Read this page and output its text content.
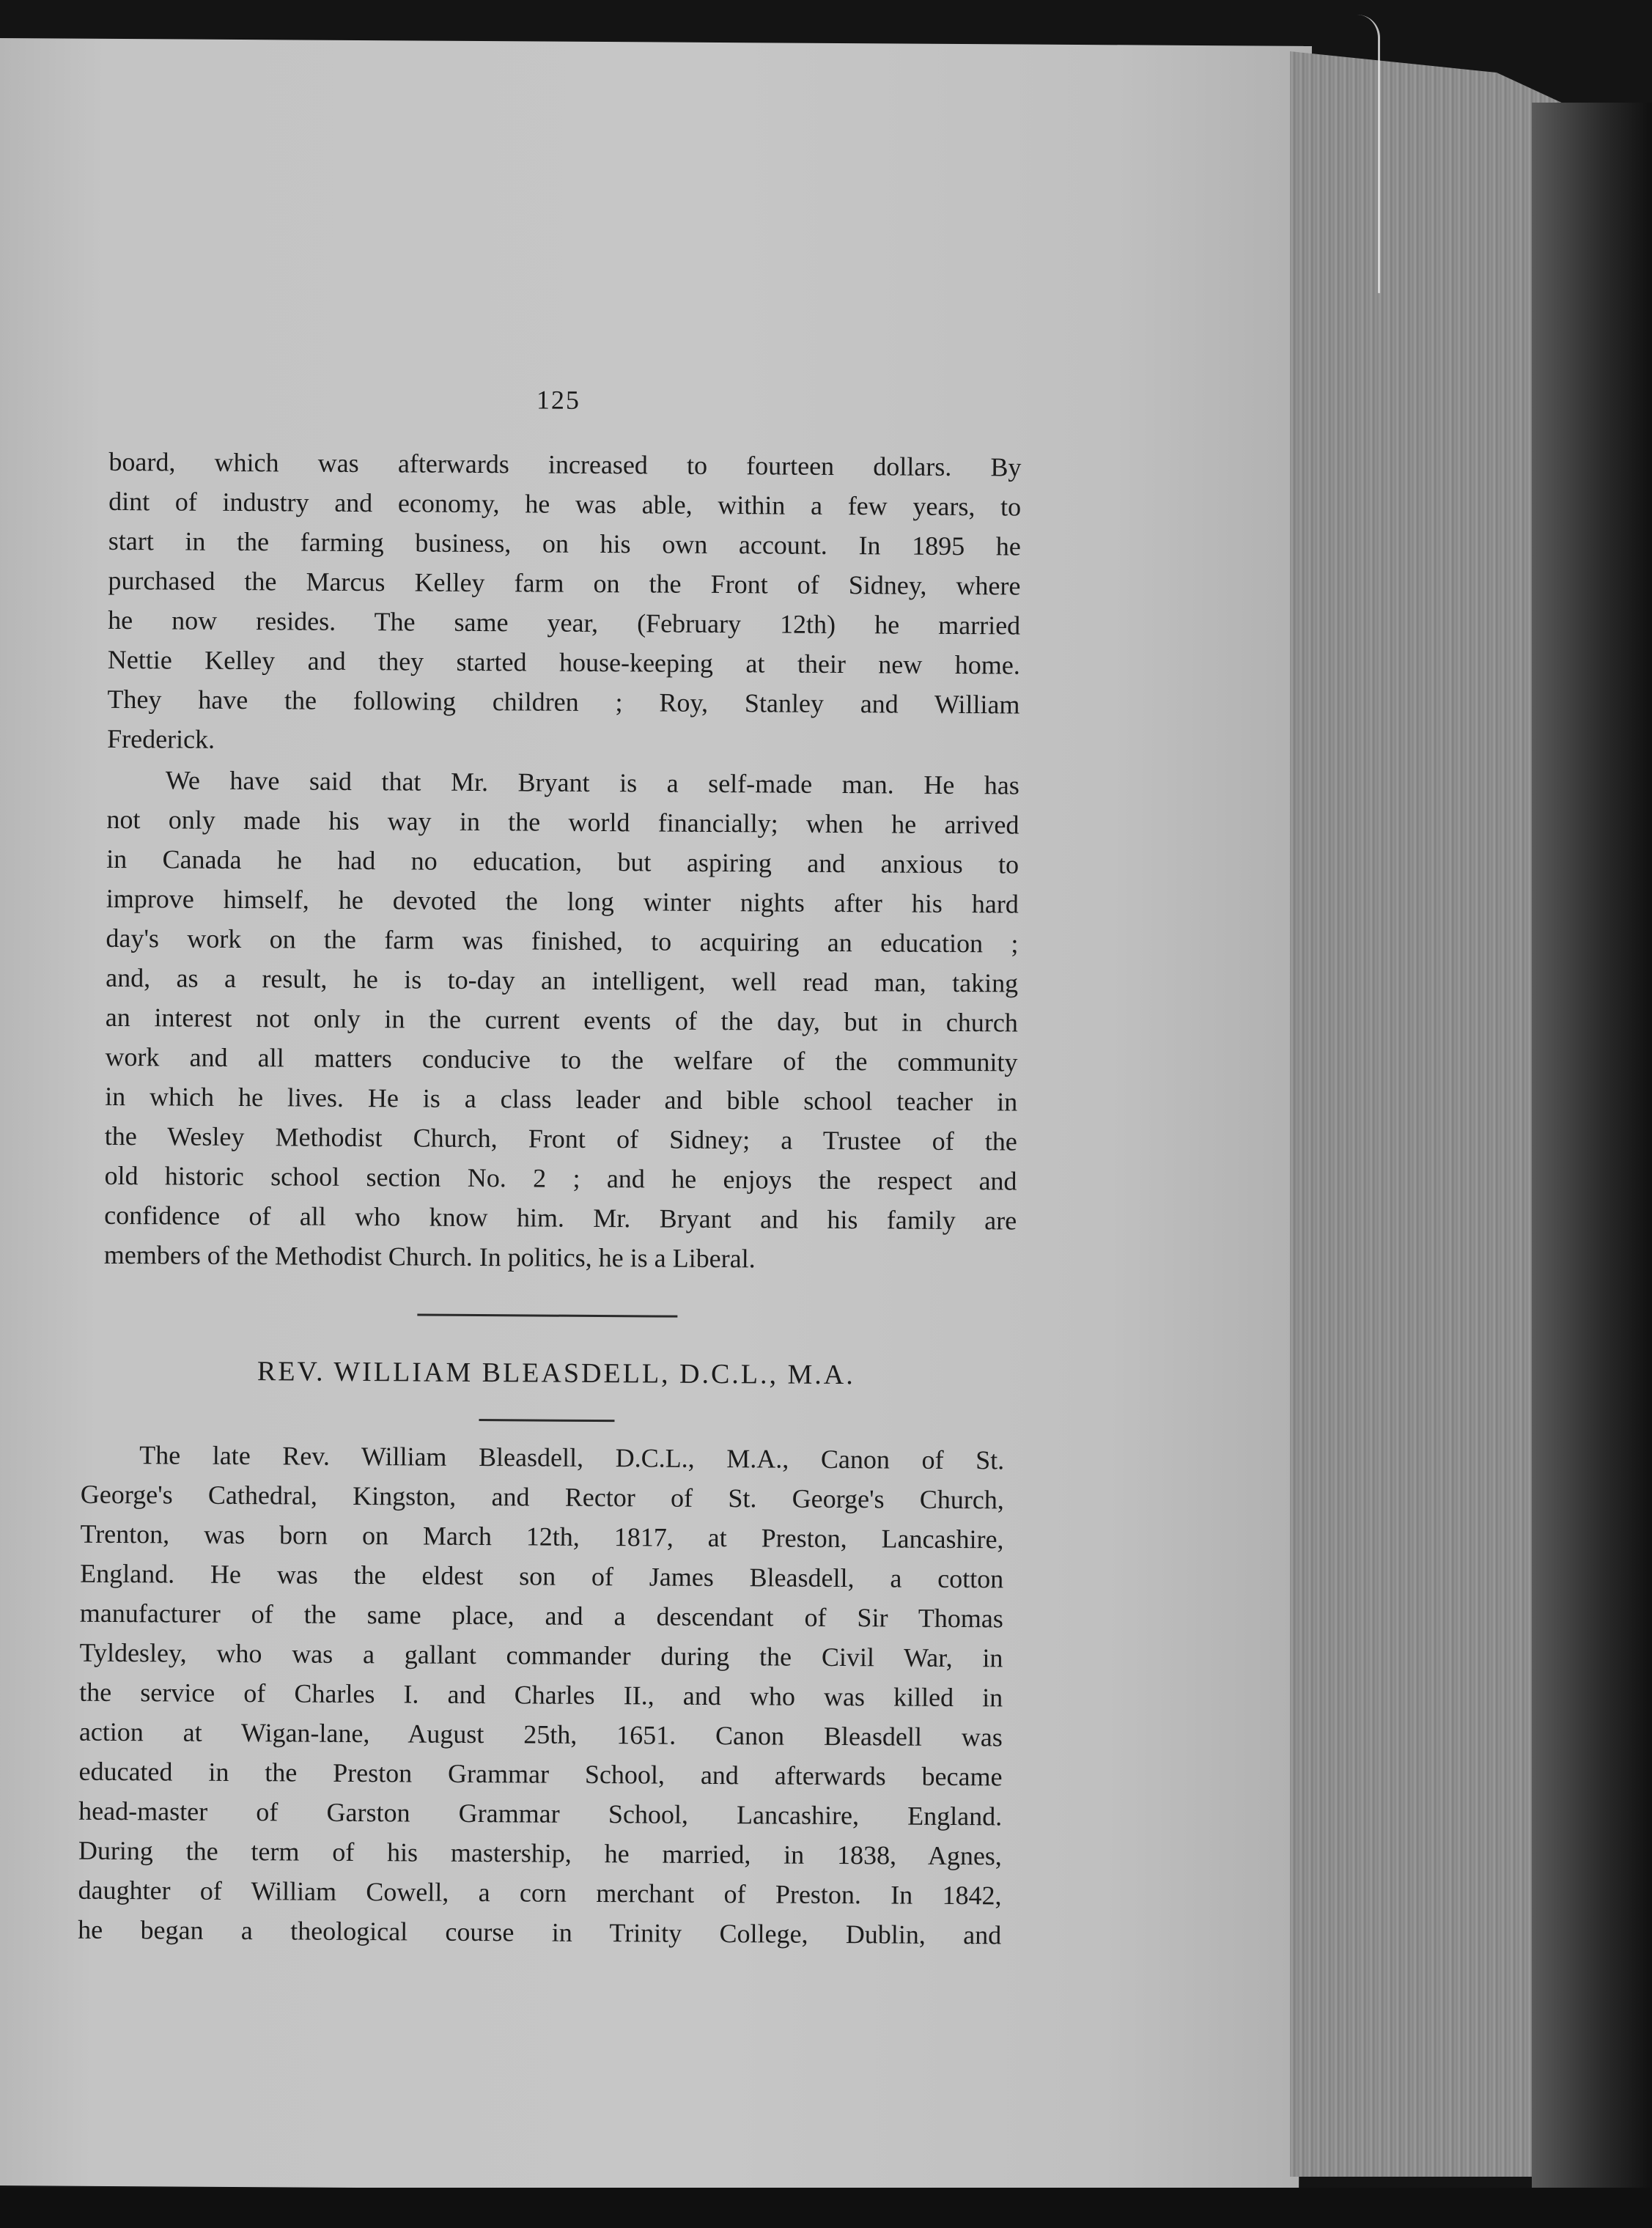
125
board, which was afterwards increased to fourteen dollars. By
dint of industry and economy, he was able, within a few years, to
start in the farming business, on his own account. In 1895 he
purchased the Marcus Kelley farm on the Front of Sidney, where
he now resides. The same year, (February 12th) he married
Nettie Kelley and they started house-keeping at their new home.
They have the following children ; Roy, Stanley and William
Frederick.
We have said that Mr. Bryant is a self-made man. He has
not only made his way in the world financially; when he arrived
in Canada he had no education, but aspiring and anxious to
improve himself, he devoted the long winter nights after his hard
day's work on the farm was finished, to acquiring an education ;
and, as a result, he is to-day an intelligent, well read man, taking
an interest not only in the current events of the day, but in church
work and all matters conducive to the welfare of the community
in which he lives. He is a class leader and bible school teacher in
the Wesley Methodist Church, Front of Sidney; a Trustee of the
old historic school section No. 2 ; and he enjoys the respect and
confidence of all who know him. Mr. Bryant and his family are
members of the Methodist Church. In politics, he is a Liberal.
REV. WILLIAM BLEASDELL, D.C.L., M.A.
The late Rev. William Bleasdell, D.C.L., M.A., Canon of St.
George's Cathedral, Kingston, and Rector of St. George's Church,
Trenton, was born on March 12th, 1817, at Preston, Lancashire,
England. He was the eldest son of James Bleasdell, a cotton
manufacturer of the same place, and a descendant of Sir Thomas
Tyldesley, who was a gallant commander during the Civil War, in
the service of Charles I. and Charles II., and who was killed in
action at Wigan-lane, August 25th, 1651. Canon Bleasdell was
educated in the Preston Grammar School, and afterwards became
head-master of Garston Grammar School, Lancashire, England.
During the term of his mastership, he married, in 1838, Agnes,
daughter of William Cowell, a corn merchant of Preston. In 1842,
he began a theological course in Trinity College, Dublin, and
